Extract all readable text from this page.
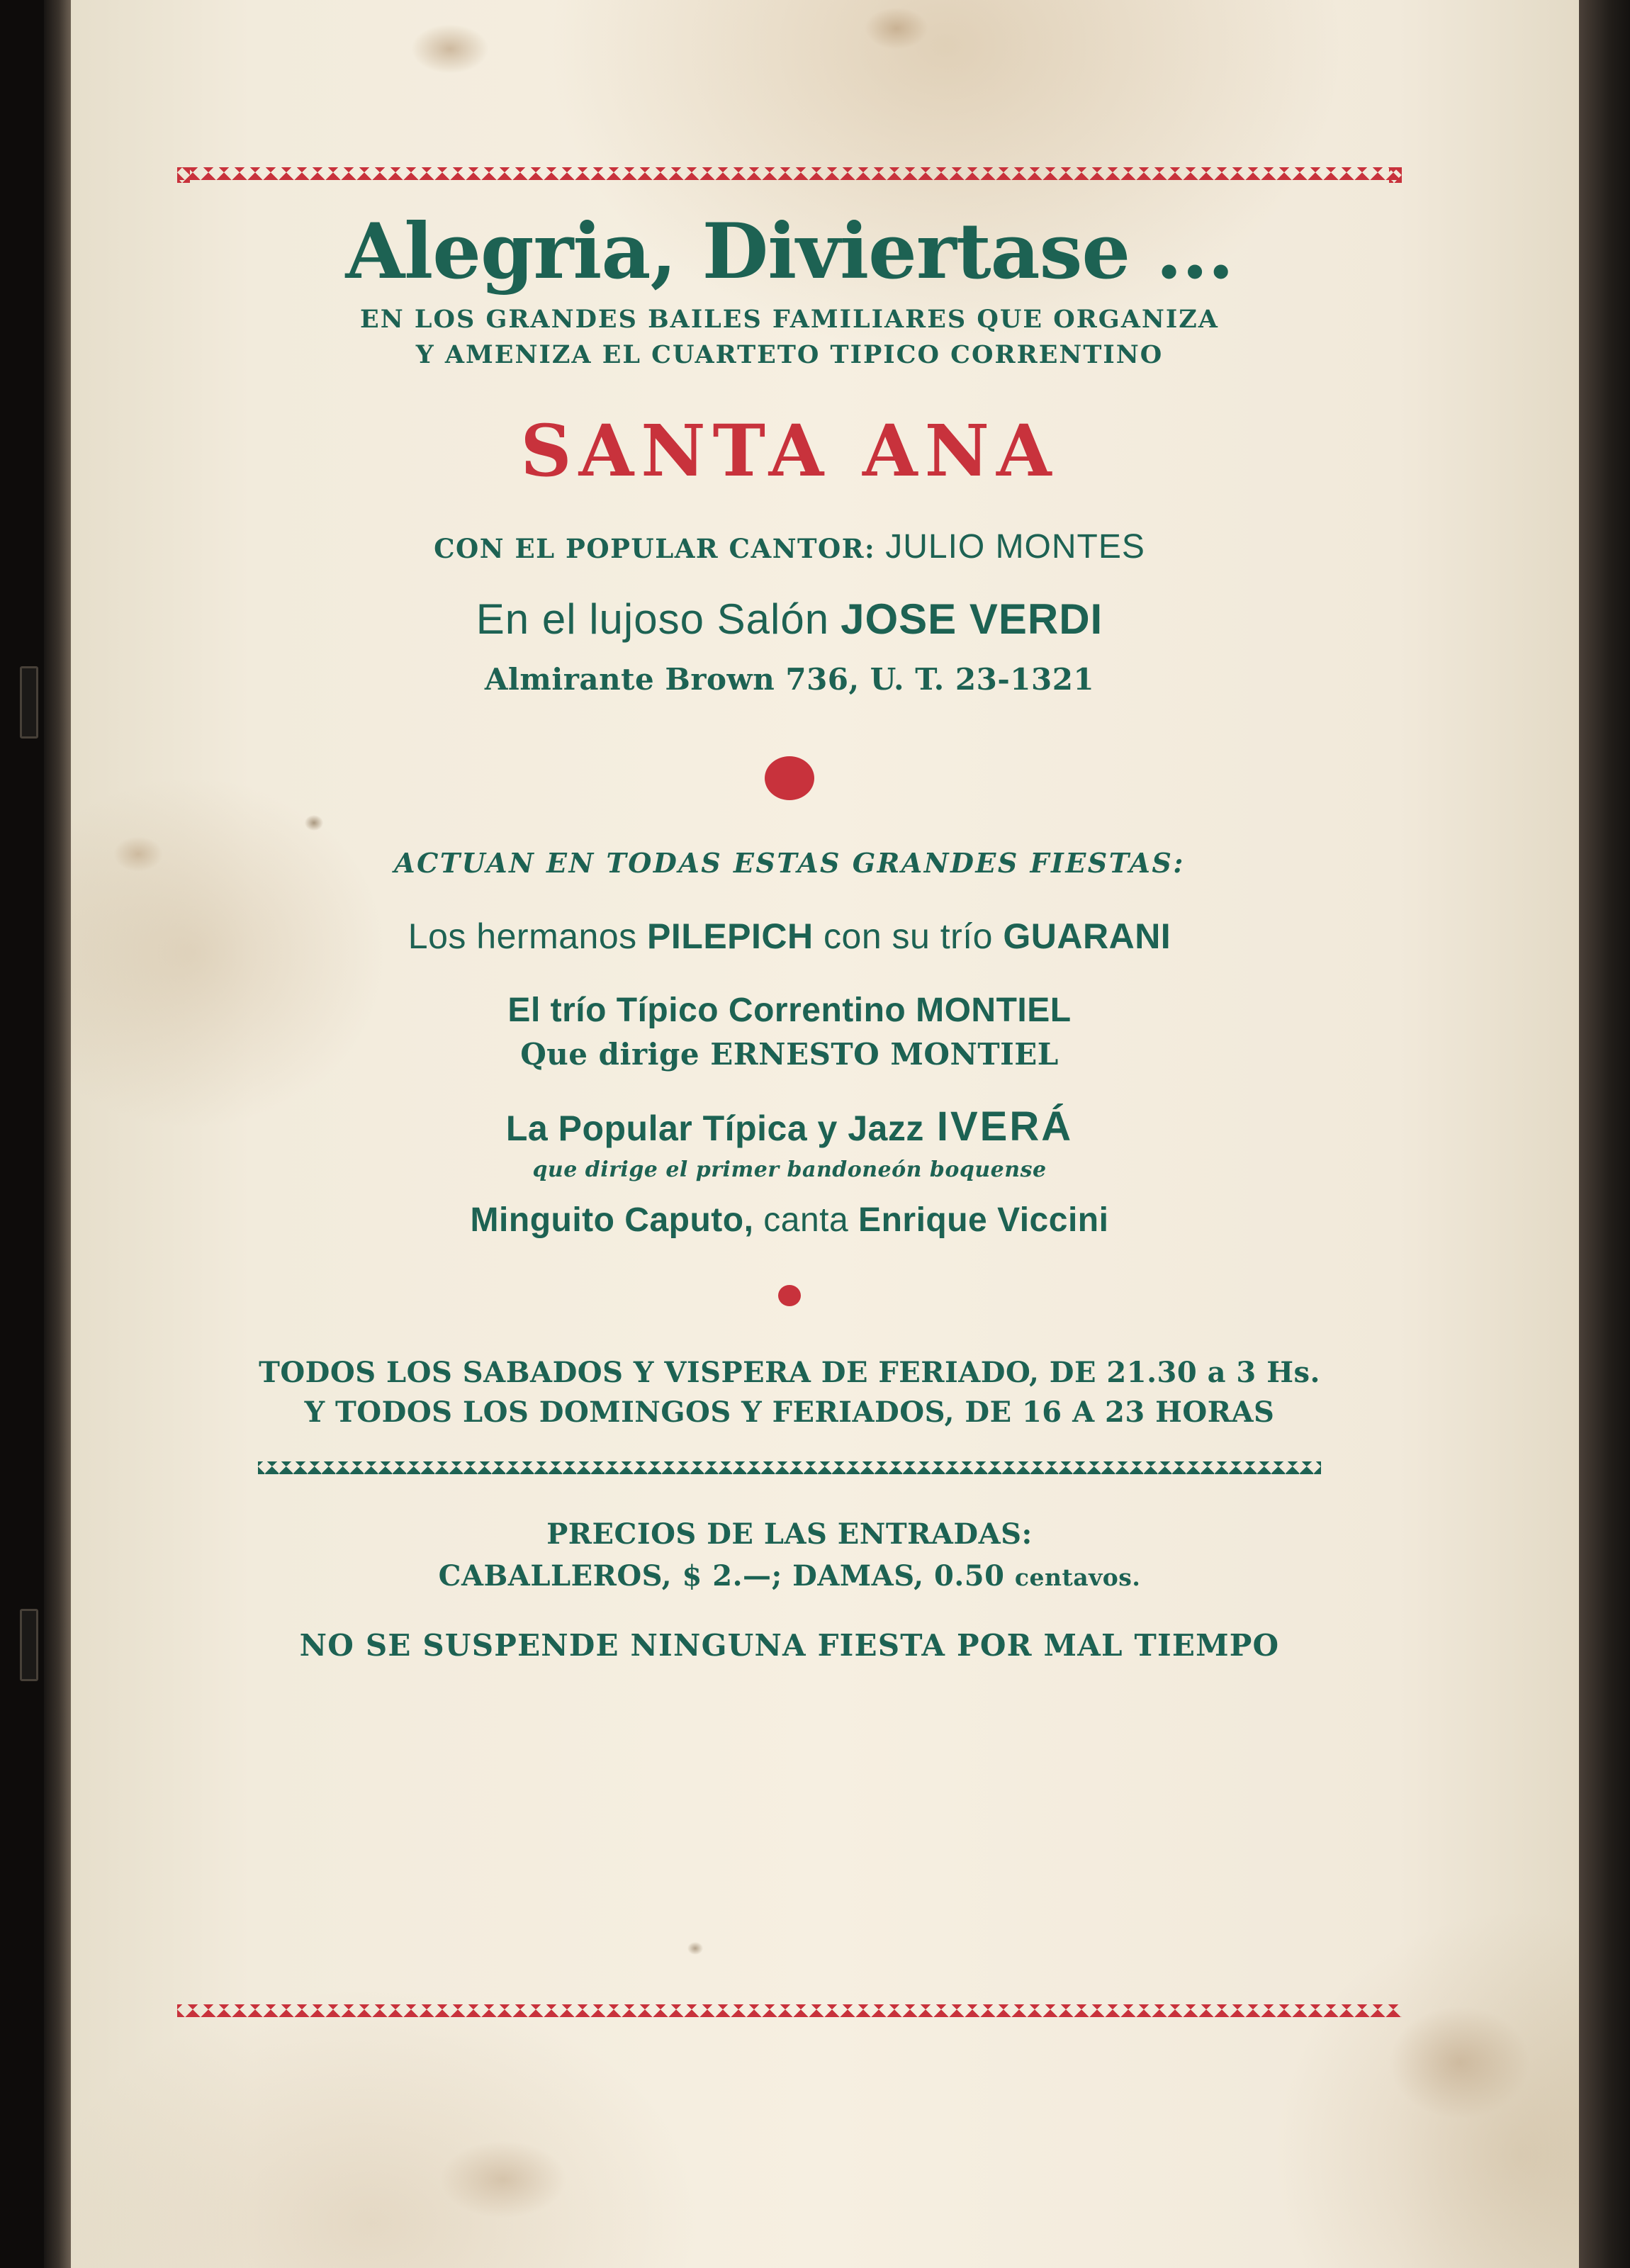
Alegria, Diviertase ...
EN LOS GRANDES BAILES FAMILIARES QUE ORGANIZA
Y AMENIZA EL CUARTETO TIPICO CORRENTINO
SANTA ANA
CON EL POPULAR CANTOR: JULIO MONTES
En el lujoso Salón JOSE VERDI
Almirante Brown 736, U. T. 23-1321
ACTUAN EN TODAS ESTAS GRANDES FIESTAS:
Los hermanos PILEPICH con su trío GUARANI
El trío Típico Correntino MONTIEL
Que dirige ERNESTO MONTIEL
La Popular Típica y Jazz IVERÁ
que dirige el primer bandoneón boquense
Minguito Caputo, canta Enrique Viccini
TODOS LOS SABADOS Y VISPERA DE FERIADO, DE 21.30 a 3 Hs.
Y TODOS LOS DOMINGOS Y FERIADOS, DE 16 A 23 HORAS
PRECIOS DE LAS ENTRADAS:
CABALLEROS, $ 2.—; DAMAS, 0.50 centavos.
NO SE SUSPENDE NINGUNA FIESTA POR MAL TIEMPO
